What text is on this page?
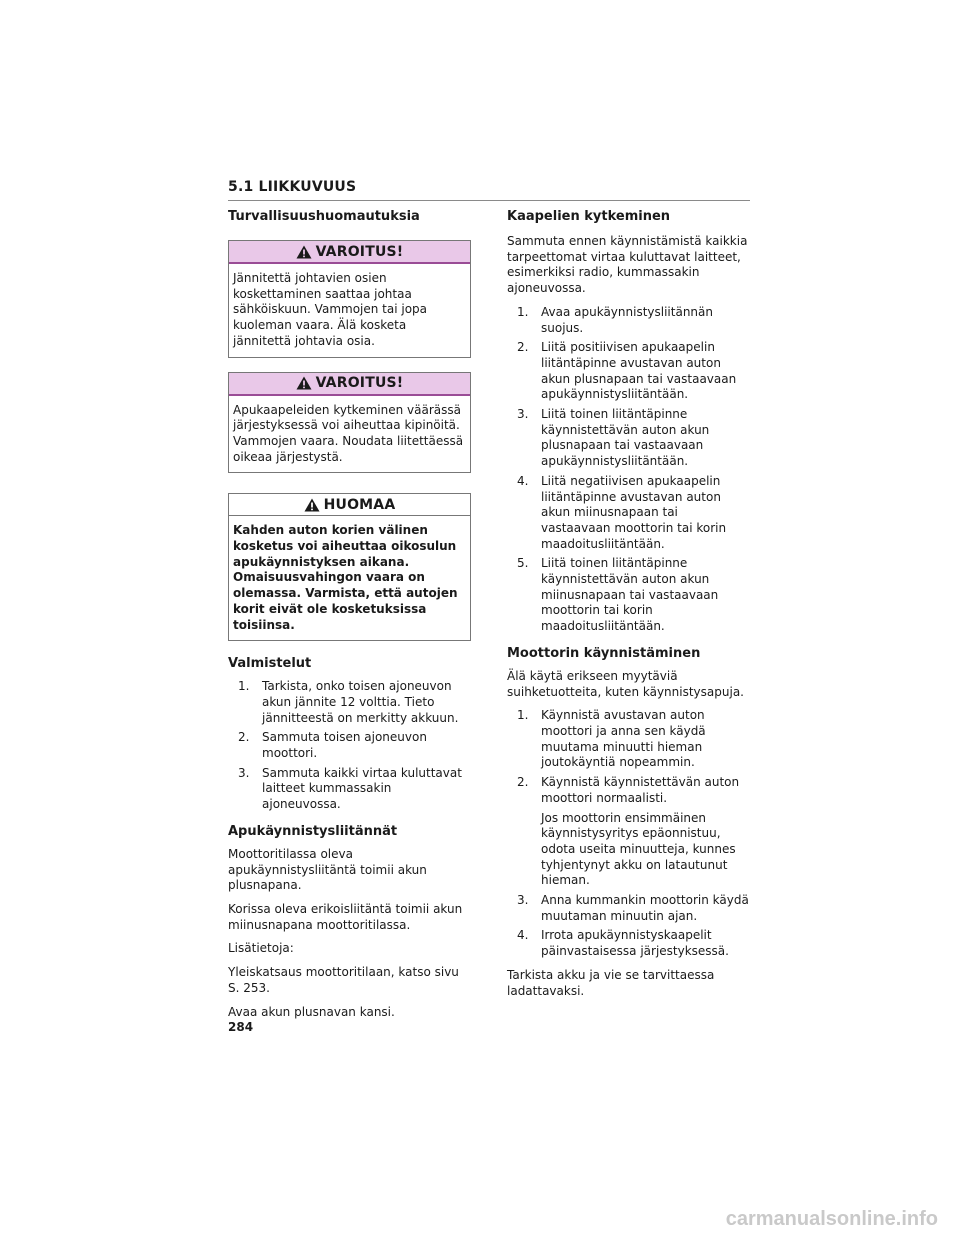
5.1 LIIKKUVUUS
Turvallisuushuomautuksia
VAROITUS!
Jännitettä johtavien osien koskettaminen saattaa johtaa sähköiskuun. Vammojen tai jopa kuoleman vaara. Älä kosketa jännitettä johtavia osia.
VAROITUS!
Apukaapeleiden kytkeminen väärässä järjestyksessä voi aiheuttaa kipinöitä. Vammojen vaara. Noudata liitettäessä oikeaa järjestystä.
HUOMAA
Kahden auton korien välinen kosketus voi aiheuttaa oikosulun apukäynnistyksen aikana. Omaisuusvahingon vaara on olemassa. Varmista, että autojen korit eivät ole kosketuksissa toisiinsa.
Valmistelut
1. Tarkista, onko toisen ajoneuvon akun jännite 12 volttia. Tieto jännitteestä on merkitty akkuun.
2. Sammuta toisen ajoneuvon moottori.
3. Sammuta kaikki virtaa kuluttavat laitteet kummassakin ajoneuvossa.
Apukäynnistysliitännät

Moottoritilassa oleva apukäynnistysliitäntä toimii akun plusnapana.

Korissa oleva erikoisliitäntä toimii akun miinusnapana moottoritilassa.

Lisätietoja:

Yleiskatsaus moottoritilaan, katso sivu S. 253.

Avaa akun plusnavan kansi.

Kaapelien kytkeminen

Sammuta ennen käynnistämistä kaikkia tarpeettomat virtaa kuluttavat laitteet, esimerkiksi radio, kummassakin ajoneuvossa.

1. Avaa apukäynnistysliitännän suojus.
2. Liitä positiivisen apukaapelin liitäntäpinne avustavan auton akun plusnapaan tai vastaavaan apukäynnistysliitäntään.
3. Liitä toinen liitäntäpinne käynnistettävän auton akun plusnapaan tai vastaavaan apukäynnistysliitäntään.
4. Liitä negatiivisen apukaapelin liitäntäpinne avustavan auton akun miinusnapaan tai vastaavaan moottorin tai korin maadoitusliitäntään.
5. Liitä toinen liitäntäpinne käynnistettävän auton akun miinusnapaan tai vastaavaan moottorin tai korin maadoitusliitäntään.
Moottorin käynnistäminen

Älä käytä erikseen myytäviä suihketuotteita, kuten käynnistysapuja.

1. Käynnistä avustavan auton moottori ja anna sen käydä muutama minuutti hieman joutokäyntiä nopeammin.
2. Käynnistä käynnistettävän auton moottori normaalisti.
Jos moottorin ensimmäinen käynnistysyritys epäonnistuu, odota useita minuutteja, kunnes tyhjentynyt akku on latautunut hieman.
3. Anna kummankin moottorin käydä muutaman minuutin ajan.
4. Irrota apukäynnistyskaapelit päinvastaisessa järjestyksessä.

Tarkista akku ja vie se tarvittaessa ladattavaksi.

284
carmanualsonline.info
